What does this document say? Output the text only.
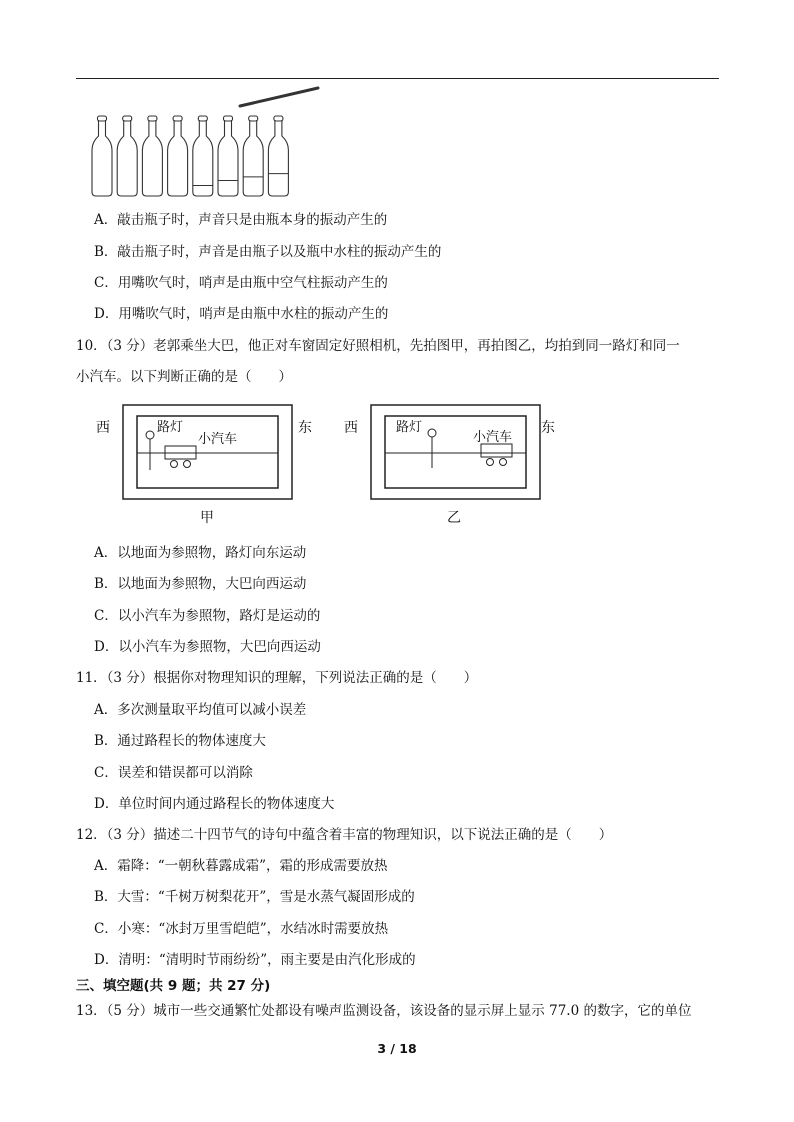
A．敲击瓶子时，声音只是由瓶本身的振动产生的
B．敲击瓶子时，声音是由瓶子以及瓶中水柱的振动产生的
C．用嘴吹气时，哨声是由瓶中空气柱振动产生的
D．用嘴吹气时，哨声是由瓶中水柱的振动产生的
10．（3 分）老郭乘坐大巴，他正对车窗固定好照相机，先拍图甲，再拍图乙，均拍到同一路灯和同一
小汽车。以下判断正确的是（　　）
西	路灯
小汽车
东
甲
西	路灯
小汽车
东
乙
A．以地面为参照物，路灯向东运动
B．以地面为参照物，大巴向西运动
C．以小汽车为参照物，路灯是运动的
D．以小汽车为参照物，大巴向西运动
11．（3 分）根据你对物理知识的理解，下列说法正确的是（　　）
A．多次测量取平均值可以减小误差
B．通过路程长的物体速度大
C．误差和错误都可以消除
D．单位时间内通过路程长的物体速度大
12．（3 分）描述二十四节气的诗句中蕴含着丰富的物理知识，以下说法正确的是（　　）
A．霜降：“一朝秋暮露成霜”，霜的形成需要放热
B．大雪：“千树万树梨花开”，雪是水蒸气凝固形成的
C．小寒：“冰封万里雪皑皑”，水结冰时需要放热
D．清明：“清明时节雨纷纷”，雨主要是由汽化形成的
三、填空题(共 9 题；共 27 分)
13．（5 分）城市一些交通繁忙处都设有噪声监测设备，该设备的显示屏上显示 77.0 的数字，它的单位
3 / 18
